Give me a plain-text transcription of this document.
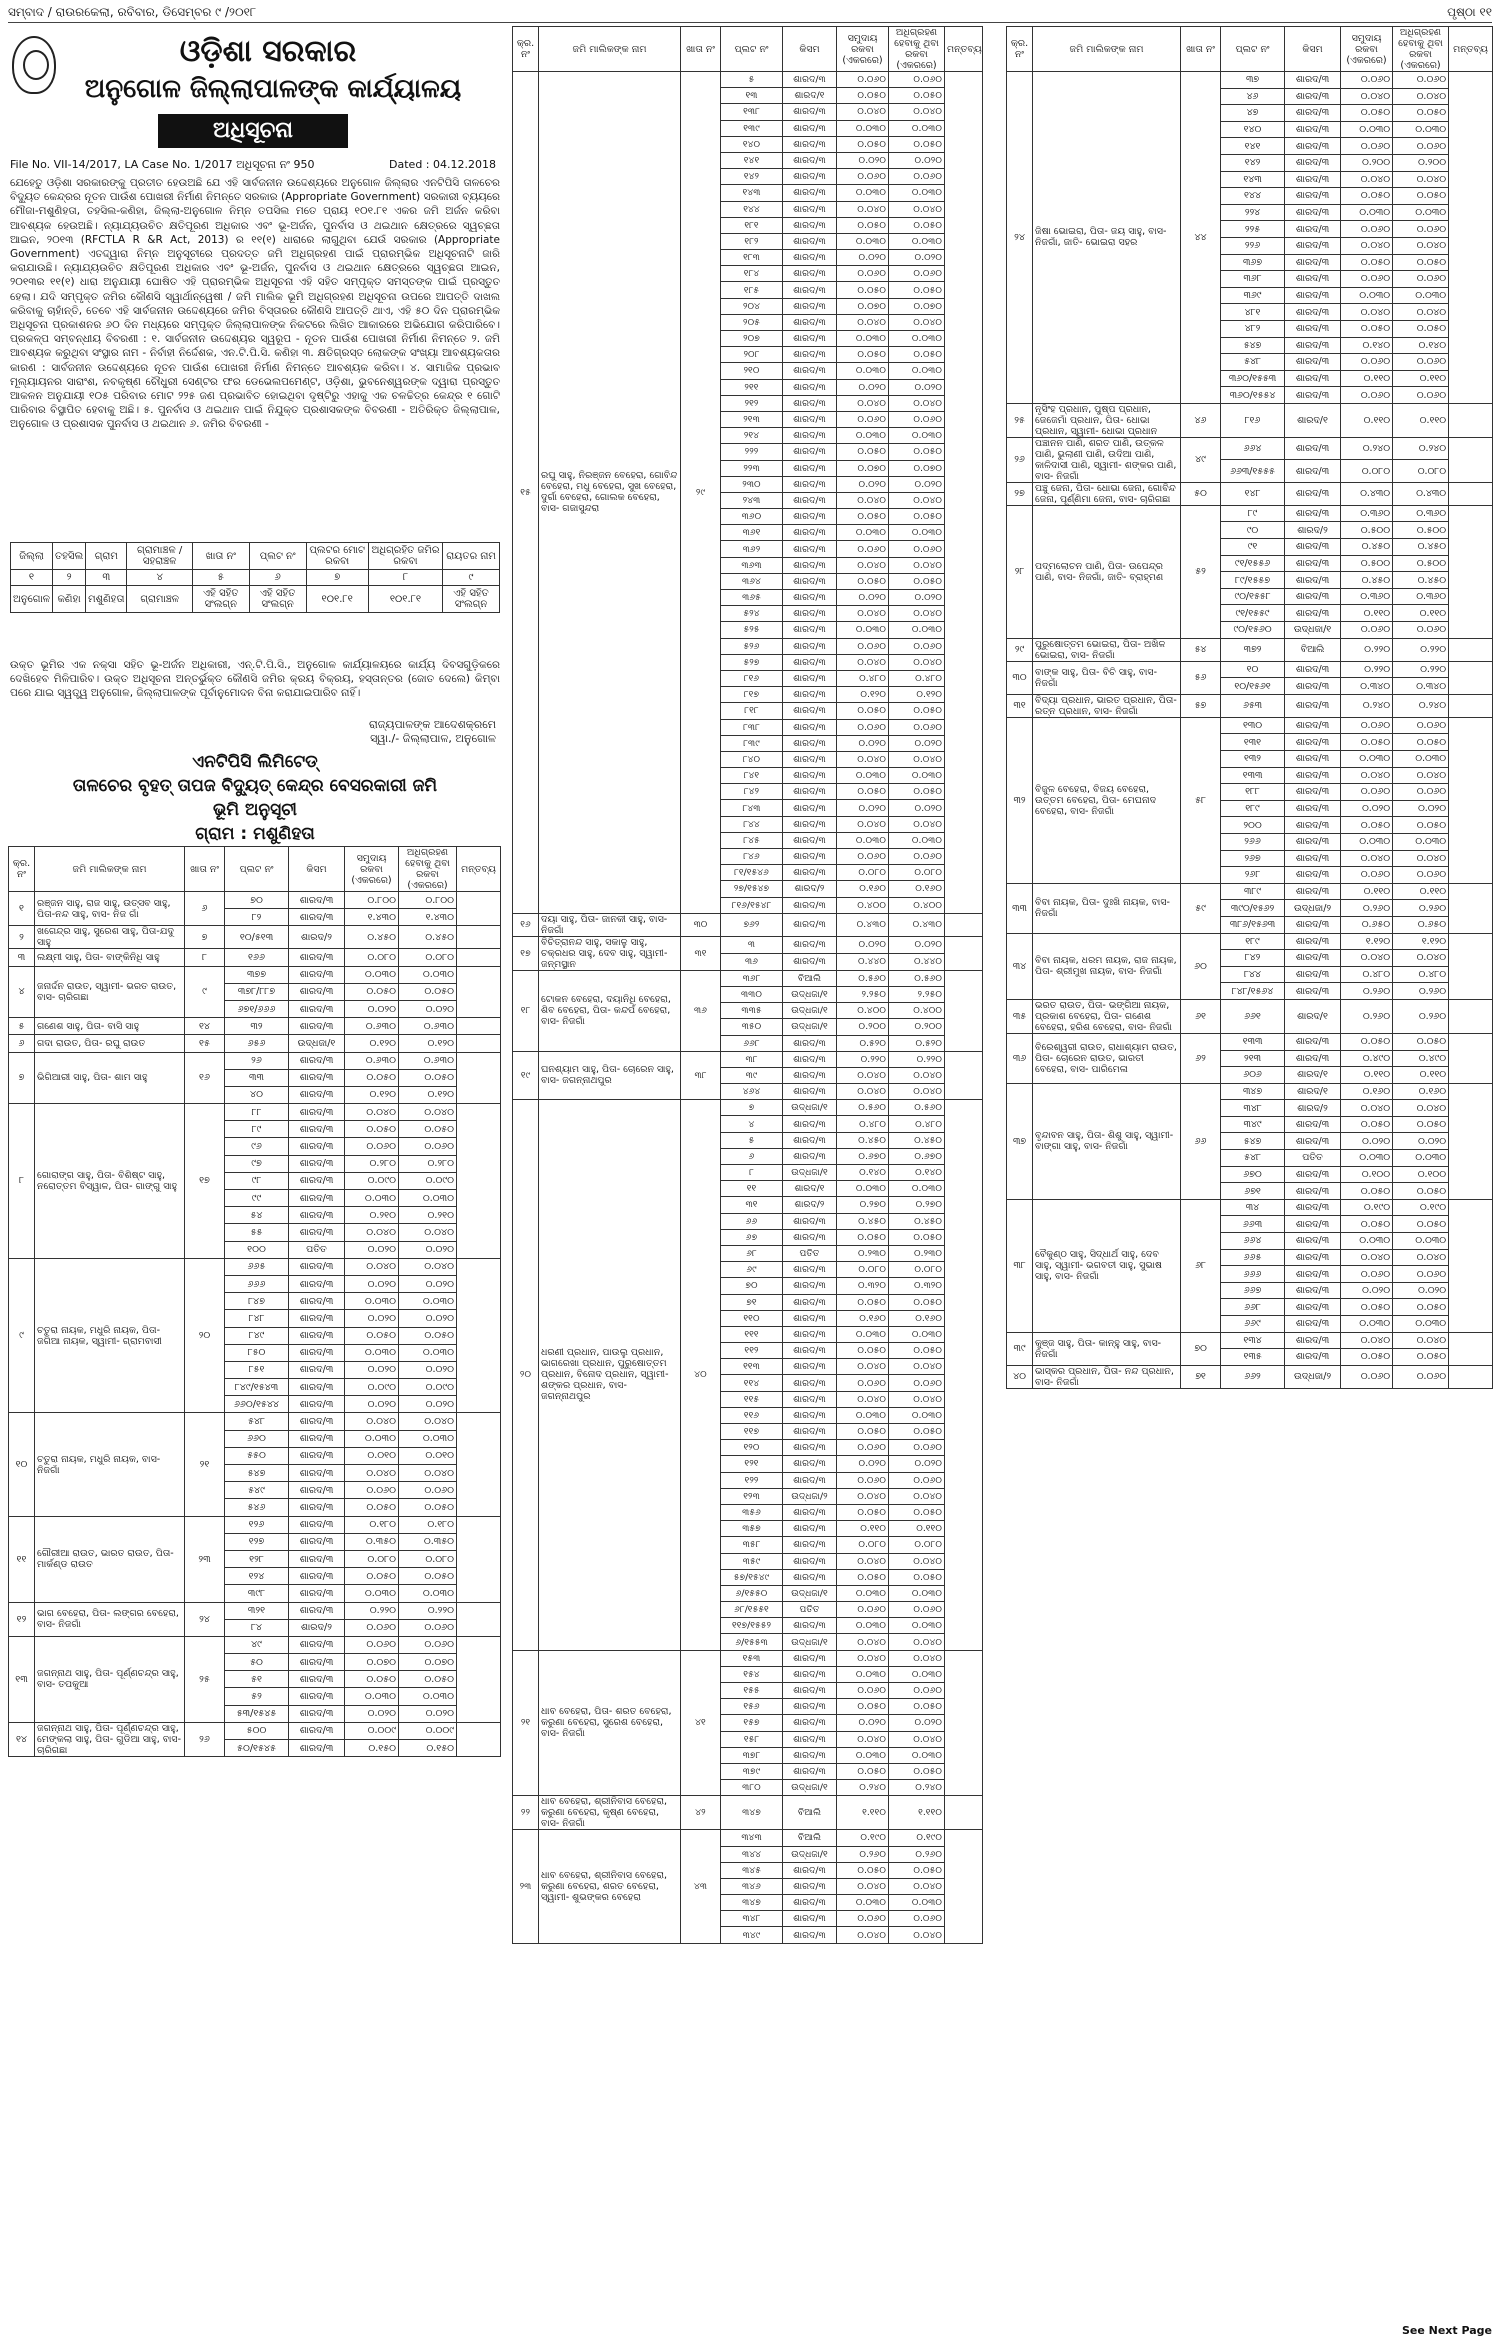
ସମ୍ବାଦ / ରାଉରକେଲା, ରବିବାର, ଡିସେମ୍ବର ୯ /୨୦୧୮	ପୃଷ୍ଠା ୧୧
ଓଡ଼ିଶା ସରକାର
ଅନୁଗୋଳ ଜିଲ୍ଲାପାଳଙ୍କ କାର୍ଯ୍ୟାଳୟ
ଅଧିସୂଚନା
File No. VII-14/2017, LA Case No. 1/2017 ଅଧିସୂଚନା ନଂ 950	Dated : 04.12.2018
ଯେହେତୁ ଓଡ଼ିଶା ସରକାରଙ୍କୁ ପ୍ରତୀତ ହେଉଅଛି ଯେ ଏହି ସାର୍ବଜନୀନ ଉଦ୍ଦେଶ୍ୟରେ ଅନୁଗୋଳ ଜିଲ୍ଲାର ଏନଟିପିସି ତାଳଚେର ବିଦ୍ୟୁତ କେନ୍ଦ୍ରର ନୂତନ ପାଉଁଶ ପୋଖରୀ ନିର୍ମାଣ ନିମନ୍ତେ ସରକାର (Appropriate Government) ସରକାରୀ ବ୍ୟୟରେ ମୌଜା-ମଶୁଣିହତା, ତହସିଲ-କଣିହା, ଜିଲ୍ଲା-ଅନୁଗୋଳ ନିମ୍ନ ତପସିଲ ମତେ ପ୍ରାୟ ୧୦୧.୮୧ ଏକର ଜମି ଅର୍ଜନ କରିବା ଆବଶ୍ୟକ ହେଉଅଛି। ନ୍ୟାଯ୍ୟଉଚିତ କ୍ଷତିପୂରଣ ଅଧିକାର ଏବଂ ଭୂ-ଅର୍ଜନ, ପୁନର୍ବାସ ଓ ଥଇଥାନ କ୍ଷେତ୍ରରେ ସ୍ୱଚ୍ଛତା ଆଇନ, ୨୦୧୩ (RFCTLA R &R Act, 2013) ର ୧୧(୧) ଧାରାରେ ଲାଗୁଥିବା ଯେଉଁ ସରକାର (Appropriate Government) ଏତଦ୍ଦ୍ୱାରା ନିମ୍ନ ଅନୁସୂଚୀରେ ପ୍ରଦତ୍ତ ଜମି ଅଧିଗ୍ରହଣ ପାଇଁ ପ୍ରାରମ୍ଭିକ ଅଧିସୂଚନାଟି ଜାରି କରାଯାଉଛି। ନ୍ୟାଯ୍ୟଉଚିତ କ୍ଷତିପୂରଣ ଅଧିକାର ଏବଂ ଭୂ-ଅର୍ଜନ, ପୁନର୍ବାସ ଓ ଥଇଥାନ କ୍ଷେତ୍ରରେ ସ୍ୱଚ୍ଛତା ଆଇନ, ୨୦୧୩ର ୧୧(୧) ଧାରା ଅନୁଯାୟୀ ଘୋଷିତ ଏହି ପ୍ରାରମ୍ଭିକ ଅଧିସୂଚନା ଏହି ସହିତ ସମ୍ପୃକ୍ତ ସମସ୍ତଙ୍କ ପାଇଁ ପ୍ରସ୍ତୁତ ହେଲା। ଯଦି ସମ୍ପୃକ୍ତ ଜମିର କୌଣସି ସ୍ୱାର୍ଥାନ୍ୱେଷୀ / ଜମି ମାଲିକ ଭୂମି ଅଧିଗ୍ରହଣ ଅଧିସୂଚନା ଉପରେ ଆପତ୍ତି ଦାଖଲ କରିବାକୁ ଚାହାଁନ୍ତି, ତେବେ ଏହି ସାର୍ବଜନୀନ ଉଦ୍ଦେଶ୍ୟରେ ଜମିର ବିସ୍ତାରର କୌଣସି ଆପତ୍ତି ଥାଏ, ଏହି ୫୦ ଦିନ ପ୍ରାରମ୍ଭିକ ଅଧିସୂଚନା ପ୍ରକାଶନର ୬୦ ଦିନ ମଧ୍ୟରେ ସମ୍ପୃକ୍ତ ଜିଲ୍ଲାପାଳଙ୍କ ନିକଟରେ ଲିଖିତ ଆକାରରେ ଅଭିଯୋଗ କରିପାରିବେ। ପ୍ରକଳ୍ପ ସମ୍ବନ୍ଧୀୟ ବିବରଣୀ : ୧. ସାର୍ବଜନୀନ ଉଦ୍ଦେଶ୍ୟର ସ୍ୱରୂପ - ନୂତନ ପାଉଁଶ ପୋଖରୀ ନିର୍ମାଣ ନିମନ୍ତେ ୨. ଜମି ଆବଶ୍ୟକ କରୁଥିବା ସଂସ୍ଥାର ନାମ - ନିର୍ବାହୀ ନିର୍ଦ୍ଦେଶକ, ଏନ.ଟି.ପି.ସି. କଣିହା ୩. କ୍ଷତିଗ୍ରସ୍ତ ଲୋକଙ୍କ ସଂଖ୍ୟା ଆବଶ୍ୟକତାର କାରଣ : ସାର୍ବଜନୀନ ଉଦ୍ଦେଶ୍ୟରେ ନୂତନ ପାଉଁଶ ପୋଖରୀ ନିର୍ମାଣ ନିମନ୍ତେ ଆବଶ୍ୟକ କରିବା। ୪. ସାମାଜିକ ପ୍ରଭାବ ମୂଲ୍ୟାୟନର ସାରାଂଶ, ନବକୃଷ୍ଣ ଚୌଧୁରୀ ସେଣ୍ଟର ଫର ଡେଭେଲପମେଣ୍ଟ, ଓଡ଼ିଶା, ଭୁବନେଶ୍ୱରଙ୍କ ଦ୍ୱାରା ପ୍ରସ୍ତୁତ ଆକଳନ ଅନୁଯାୟୀ ୧୦୫ ପରିବାର ମୋଟ ୨୨୫ ଜଣ ପ୍ରଭାବିତ ହୋଇଥିବା ଦୃଷ୍ଟିରୁ ଏହାକୁ ଏକ ଚଳଚ୍ଚିତ୍ର କେନ୍ଦ୍ର ୧ ଗୋଟି ପାରିବାର ବିସ୍ଥାପିତ ହେବାକୁ ଅଛି। ୫. ପୁନର୍ବାସ ଓ ଥଇଥାନ ପାଇଁ ନିଯୁକ୍ତ ପ୍ରଶାସକଙ୍କ ବିବରଣୀ - ଅତିରିକ୍ତ ଜିଲ୍ଲାପାଳ, ଅନୁଗୋଳ ଓ ପ୍ରଶାସକ ପୁନର୍ବାସ ଓ ଥଇଥାନ ୬. ଜମିର ବିବରଣୀ -
ଜିଲ୍ଲା	ତହସିଲ	ଗ୍ରାମ	ଗ୍ରାମାଞ୍ଚଳ / ସହରାଞ୍ଚଳ	ଖାତା ନଂ	ପ୍ଲଟ ନଂ	ପ୍ଲଟର ମୋଟ ରକବା	ଅଧିଗ୍ରହିତ ଜମିର ରକବା	ରାୟତର ନାମ
୧	୨	୩	୪	୫	୬	୭	୮	୯
ଅନୁଗୋଳ	କଣିହା	ମଶୁଣିହତା	ଗ୍ରାମାଞ୍ଚଳ	ଏହି ସହିତ ସଂଲଗ୍ନ	ଏହି ସହିତ ସଂଲଗ୍ନ	୧୦୧.୮୧	୧୦୧.୮୧	ଏହି ସହିତ ସଂଲଗ୍ନ
ଉକ୍ତ ଭୂମିର ଏକ ନକ୍ସା ସହିତ ଭୂ-ଅର୍ଜନ ଅଧିକାରୀ, ଏନ୍.ଟି.ପି.ସି., ଅନୁଗୋଳ କାର୍ଯ୍ୟାଳୟରେ କାର୍ଯ୍ୟ ଦିବସଗୁଡ଼ିକରେ ଦେଖିହେବ ମିଳିପାରିବ। ଉକ୍ତ ଅଧିସୂଚନା ଅନ୍ତର୍ଭୁକ୍ତ କୌଣସି ଜମିର କ୍ରୟ ବିକ୍ରୟ, ହସ୍ତାନ୍ତର (ଜୋତ ଦେଲେ) କିମ୍ବା ପରେ ଯାଇ ସ୍ୱତ୍ତ୍ୱ ଅନୁଗୋଳ, ଜିଲ୍ଲାପାଳଙ୍କ ପୂର୍ବାନୁମୋଦନ ବିନା କରାଯାଇପାରିବ ନାହିଁ।
ରାଜ୍ୟପାଳଙ୍କ ଆଦେଶକ୍ରମେ
ସ୍ୱା./- ଜିଲ୍ଲାପାଳ, ଅନୁଗୋଳ
ଏନଟିପିସି ଲିମିଟେଡ୍
ତାଳଚେର ବୃହତ୍ ତାପଜ ବିଦ୍ୟୁତ୍ କେନ୍ଦ୍ର ବେସରକାରୀ ଜମି
ଭୂମି ଅନୁସୂଚୀ
ଗ୍ରାମ : ମଶୁଣିହତା
କ୍ର. ନଂ	ଜମି ମାଲିକଙ୍କ ନାମ	ଖାତା ନଂ	ପ୍ଲଟ ନଂ	କିସମ	ସମୁଦାୟ ରକବା (ଏକରରେ)	ଅଧିଗ୍ରହଣ ହେବାକୁ ଥିବା ରକବା (ଏକରରେ)	ମନ୍ତବ୍ୟ
୧	ରଞ୍ଜନ ସାହୁ, ରାଜ ସାହୁ, ଉତ୍ସବ ସାହୁ, ପିତା-ନନ୍ଦ ସାହୁ, ବାସ- ନିଜ ଗାଁ	୬	୭୦	ଶାରଦ/୩	୦.୮୦୦	୦.୮୦୦	
			୮୨	ଶାରଦ/୩	୧.୪୩୦	୧.୪୩୦	
୨	ଖଗେନ୍ଦ୍ର ସାହୁ, ସୁରେଶ ସାହୁ, ପିତା-ଯଦୁ ସାହୁ	୭	୧୦/୫୧୩	ଶାରଦ/୨	୦.୪୫୦	୦.୪୫୦	
୩	ଲକ୍ଷ୍ମୀ ସାହୁ, ପିତା- ବାଙ୍କିନିଧି ସାହୁ	୮	୧୬୬	ଶାରଦ/୩	୦.୦୮୦	୦.୦୮୦	
୪	ଜନାର୍ଦ୍ଦନ ରାଉତ, ସ୍ୱାମୀ- ଭରତ ରାଉତ, ବାସ- ଚାରିଗଛା	୯	୩୭୭	ଶାରଦ/୩	୦.୦୩୦	୦.୦୩୦	
			୩୭୮/୮୮୭	ଶାରଦ/୩	୦.୦୫୦	୦.୦୫୦	
			୬୭୧/୬୬୬	ଶାରଦ/୩	୦.୦୨୦	୦.୦୨୦	
୫	ଗଣେଶ ସାହୁ, ପିତା- ବାସି ସାହୁ	୧୪	୩୨	ଶାରଦ/୩	୦.୬୩୦	୦.୬୩୦	
୬	ଗଦା ରାଉତ, ପିତା- ରଘୁ ରାଉତ	୧୫	୬୫୬	ଉଦ୍ଧଜା/୧	୦.୧୨୦	୦.୧୨୦	
୭	ଭିଗିଆରୀ ସାହୁ, ପିତା- ଶାମ ସାହୁ	୧୬	୨୬	ଶାରଦ/୩	୦.୬୩୦	୦.୬୩୦	
			୩୩	ଶାରଦ/୩	୦.୦୫୦	୦.୦୫୦	
			୪୦	ଶାରଦ/୩	୦.୧୨୦	୦.୧୨୦	
୮	ଗୋରାଙ୍ଗ ସାହୁ, ପିତା- ବିଶିଷ୍ଟ ସାହୁ, ନରୋତ୍ତମ ବିସ୍ୱାଳ, ପିତା- ଗାଙ୍ଗୁ ସାହୁ	୧୭	୮୮	ଶାରଦ/୩	୦.୦୪୦	୦.୦୪୦	
			୮୯	ଶାରଦ/୩	୦.୦୫୦	୦.୦୫୦	
			୯୬	ଶାରଦ/୩	୦.୦୬୦	୦.୦୬୦	
			୯୭	ଶାରଦ/୩	୦.୨୮୦	୦.୨୮୦	
			୯୮	ଶାରଦ/୩	୦.୦୯୦	୦.୦୯୦	
			୯୯	ଶାରଦ/୩	୦.୦୩୦	୦.୦୩୦	
			୫୪	ଶାରଦ/୩	୦.୨୧୦	୦.୨୧୦	
			୫୫	ଶାରଦ/୩	୦.୦୪୦	୦.୦୪୦	
			୧୦୦	ପତିତ	୦.୦୨୦	୦.୦୨୦	
୯	ଚତୁରା ନାୟକ, ମଧୁରି ନାୟକ, ପିତା- ଜଗିଆ ନାୟକ, ସ୍ୱାମୀ- ଗ୍ରାମବାସୀ	୨୦	୬୬୫	ଶାରଦ/୩	୦.୦୪୦	୦.୦୪୦	
			୬୬୬	ଶାରଦ/୩	୦.୦୨୦	୦.୦୨୦	
			୮୪୭	ଶାରଦ/୩	୦.୦୩୦	୦.୦୩୦	
			୮୪୮	ଶାରଦ/୩	୦.୦୨୦	୦.୦୨୦	
			୮୪୯	ଶାରଦ/୩	୦.୦୫୦	୦.୦୫୦	
			୮୫୦	ଶାରଦ/୩	୦.୦୩୦	୦.୦୩୦	
			୮୫୧	ଶାରଦ/୩	୦.୦୨୦	୦.୦୨୦	
			୮୪୯/୧୫୪୩	ଶାରଦ/୩	୦.୦୯୦	୦.୦୯୦	
			୬୬୦/୧୫୪୪	ଶାରଦ/୩	୦.୦୨୦	୦.୦୨୦	
୧୦	ଚତୁରା ନାୟକ, ମଧୁରି ନାୟକ, ବାସ- ନିଜଗାଁ	୨୧	୫୪୮	ଶାରଦ/୩	୦.୦୪୦	୦.୦୪୦	
			୬୬୦	ଶାରଦ/୩	୦.୦୩୦	୦.୦୩୦	
			୫୫୦	ଶାରଦ/୩	୦.୦୧୦	୦.୦୧୦	
			୫୪୭	ଶାରଦ/୩	୦.୦୪୦	୦.୦୪୦	
			୫୪୯	ଶାରଦ/୩	୦.୦୬୦	୦.୦୬୦	
			୫୪୬	ଶାରଦ/୩	୦.୦୫୦	୦.୦୫୦	
୧୧	ଗୌରୀଆ ରାଉତ, ଭାରତ ରାଉତ, ପିତା- ମାର୍କଣ୍ଡ ରାଉତ	୨୩	୧୨୬	ଶାରଦ/୩	୦.୧୮୦	୦.୧୮୦	
			୧୨୭	ଶାରଦ/୩	୦.୩୫୦	୦.୩୫୦	
			୧୨୮	ଶାରଦ/୩	୦.୦୮୦	୦.୦୮୦	
			୧୨୪	ଶାରଦ/୩	୦.୦୫୦	୦.୦୫୦	
			୩୯୮	ଶାରଦ/୩	୦.୦୩୦	୦.୦୩୦	
୧୨	ଭାଗ ବେହେରା, ପିତା- ଲଙ୍ଗର ବେହେରା, ବାସ- ନିଜଗାଁ	୨୪	୩୨୧	ଶାରଦ/୩	୦.୨୨୦	୦.୨୨୦	
			୮୪	ଶାରଦ/୨	୦.୦୬୦	୦.୦୬୦	
୧୩	ଜଗନ୍ନାଥ ସାହୁ, ପିତା- ପୂର୍ଣ୍ଣଚନ୍ଦ୍ର ସାହୁ, ବାସ- ତପକୁଆ	୨୫	୪୯	ଶାରଦ/୩	୦.୦୬୦	୦.୦୬୦	
			୫୦	ଶାରଦ/୩	୦.୦୭୦	୦.୦୭୦	
			୫୧	ଶାରଦ/୩	୦.୦୫୦	୦.୦୫୦	
			୫୨	ଶାରଦ/୩	୦.୦୩୦	୦.୦୩୦	
			୫୩/୧୫୪୫	ଶାରଦ/୩	୦.୦୨୦	୦.୦୨୦	
୧୪	ଜଗନ୍ନାଥ ସାହୁ, ପିତା- ପୂର୍ଣ୍ଣଚନ୍ଦ୍ର ସାହୁ, ମେଙ୍କଲା ସାହୁ, ପିତା- ଗୁଡିଆ ସାହୁ, ବାସ- ଚାରିଗଛା	୨୬	୫୦୦	ଶାରଦ/୩	୦.୦୦୯	୦.୦୦୯	
			୫୦/୧୫୪୫	ଶାରଦ/୩	୦.୧୫୦	୦.୧୫୦	
କ୍ର. ନଂ	ଜମି ମାଲିକଙ୍କ ନାମ	ଖାତା ନଂ	ପ୍ଲଟ ନଂ	କିସମ	ସମୁଦାୟ ରକବା (ଏକରରେ)	ଅଧିଗ୍ରହଣ ହେବାକୁ ଥିବା ରକବା (ଏକରରେ)	ମନ୍ତବ୍ୟ
୧୫	ରଘୁ ସାହୁ, ନିରଞ୍ଜନ ବେହେରା, ଗୋବିନ୍ଦ ବେହେରା, ମଧୁ ବେହେରା, ସୁଖ ବେହେରା, ଦୁର୍ଗା ବେହେରା, ଗୋଲକ ବେହେରା, ବାସ- ଗଜାସୁନ୍ଦରା	୨୯	୫	ଶାରଦ/୩	୦.୦୬୦	୦.୦୬୦	
			୧୩	ଶାରଦ/୧	୦.୦୫୦	୦.୦୫୦	
			୧୩୮	ଶାରଦ/୩	୦.୦୪୦	୦.୦୪୦	
			୧୩୯	ଶାରଦ/୩	୦.୦୩୦	୦.୦୩୦	
			୧୪୦	ଶାରଦ/୩	୦.୦୫୦	୦.୦୫୦	
			୧୪୧	ଶାରଦ/୩	୦.୦୨୦	୦.୦୨୦	
			୧୪୨	ଶାରଦ/୩	୦.୦୬୦	୦.୦୬୦	
			୧୪୩	ଶାରଦ/୩	୦.୦୩୦	୦.୦୩୦	
			୧୪୪	ଶାରଦ/୩	୦.୦୪୦	୦.୦୪୦	
			୧୮୧	ଶାରଦ/୩	୦.୦୫୦	୦.୦୫୦	
			୧୮୨	ଶାରଦ/୩	୦.୦୩୦	୦.୦୩୦	
			୧୮୩	ଶାରଦ/୩	୦.୦୨୦	୦.୦୨୦	
			୧୮୪	ଶାରଦ/୩	୦.୦୬୦	୦.୦୬୦	
			୧୮୫	ଶାରଦ/୩	୦.୦୫୦	୦.୦୫୦	
			୨୦୪	ଶାରଦ/୩	୦.୦୭୦	୦.୦୭୦	
			୨୦୫	ଶାରଦ/୩	୦.୦୪୦	୦.୦୪୦	
			୨୦୭	ଶାରଦ/୩	୦.୦୩୦	୦.୦୩୦	
			୨୦୮	ଶାରଦ/୩	୦.୦୫୦	୦.୦୫୦	
			୨୧୦	ଶାରଦ/୩	୦.୦୩୦	୦.୦୩୦	
			୨୧୧	ଶାରଦ/୩	୦.୦୨୦	୦.୦୨୦	
			୨୧୨	ଶାରଦ/୩	୦.୦୪୦	୦.୦୪୦	
			୨୧୩	ଶାରଦ/୩	୦.୦୬୦	୦.୦୬୦	
			୨୧୪	ଶାରଦ/୩	୦.୦୩୦	୦.୦୩୦	
			୨୨୨	ଶାରଦ/୩	୦.୦୫୦	୦.୦୫୦	
			୨୨୩	ଶାରଦ/୩	୦.୦୭୦	୦.୦୭୦	
			୨୩୦	ଶାରଦ/୩	୦.୦୨୦	୦.୦୨୦	
			୨୪୩	ଶାରଦ/୩	୦.୦୪୦	୦.୦୪୦	
			୩୬୦	ଶାରଦ/୩	୦.୦୫୦	୦.୦୫୦	
			୩୬୧	ଶାରଦ/୩	୦.୦୩୦	୦.୦୩୦	
			୩୬୨	ଶାରଦ/୩	୦.୦୬୦	୦.୦୬୦	
			୩୬୩	ଶାରଦ/୩	୦.୦୪୦	୦.୦୪୦	
			୩୬୪	ଶାରଦ/୩	୦.୦୫୦	୦.୦୫୦	
			୩୬୫	ଶାରଦ/୩	୦.୦୨୦	୦.୦୨୦	
			୫୨୪	ଶାରଦ/୩	୦.୦୪୦	୦.୦୪୦	
			୫୨୫	ଶାରଦ/୩	୦.୦୩୦	୦.୦୩୦	
			୫୨୬	ଶାରଦ/୩	୦.୦୬୦	୦.୦୬୦	
			୫୨୭	ଶାରଦ/୩	୦.୦୪୦	୦.୦୪୦	
			୮୧୬	ଶାରଦ/୩	୦.୪୮୦	୦.୪୮୦	
			୮୧୭	ଶାରଦ/୩	୦.୧୨୦	୦.୧୨୦	
			୮୧୮	ଶାରଦ/୩	୦.୦୫୦	୦.୦୫୦	
			୮୩୮	ଶାରଦ/୩	୦.୦୬୦	୦.୦୬୦	
			୮୩୯	ଶାରଦ/୩	୦.୦୨୦	୦.୦୨୦	
			୮୪୦	ଶାରଦ/୩	୦.୦୪୦	୦.୦୪୦	
			୮୪୧	ଶାରଦ/୩	୦.୦୩୦	୦.୦୩୦	
			୮୪୨	ଶାରଦ/୩	୦.୦୫୦	୦.୦୫୦	
			୮୪୩	ଶାରଦ/୩	୦.୦୨୦	୦.୦୨୦	
			୮୪୪	ଶାରଦ/୩	୦.୦୪୦	୦.୦୪୦	
			୮୪୫	ଶାରଦ/୩	୦.୦୩୦	୦.୦୩୦	
			୮୪୬	ଶାରଦ/୩	୦.୦୬୦	୦.୦୬୦	
			୮୧/୧୫୪୬	ଶାରଦ/୩	୦.୦୮୦	୦.୦୮୦	
			୨୭/୧୫୪୭	ଶାରଦ/୨	୦.୧୬୦	୦.୧୬୦	
			୮୧୬/୧୫୪୮	ଶାରଦ/୩	୦.୪୦୦	୦.୪୦୦	
୧୬	ଦୟା ସାହୁ, ପିତା- ଜାନକୀ ସାହୁ, ବାସ- ନିଜଗାଁ	୩୦	୭୬୨	ଶାରଦ/୩	୦.୪୩୦	୦.୪୩୦	
୧୭	ବିଚିତ୍ରାନନ୍ଦ ସାହୁ, ସକାଳୁ ସାହୁ, ଚକ୍ରଧର ସାହୁ, ଦେବ ସାହୁ, ସ୍ୱାମୀ- ଜନ୍ମସ୍ଥାନ	୩୧	୩	ଶାରଦ/୩	୦.୦୨୦	୦.୦୨୦	
			୩୬	ଶାରଦ/୩	୦.୪୪୦	୦.୪୪୦	
୧୮	ଟୋକନ ବେହେରା, ଦୟାନିଧି ବେହେରା, ଶିବ ବେହେରା, ପିତା- କନ୍ଦର୍ପ ବେହେରା, ବାସ- ନିଜଗାଁ	୩୬	୩୬୮	ବିଆଲି	୦.୫୬୦	୦.୫୬୦	
			୩୩୦	ଉଦ୍ଧଜା/୧	୨.୨୫୦	୨.୨୫୦	
			୩୩୫	ଉଦ୍ଧଜା/୧	୦.୪୦୦	୦.୪୦୦	
			୩୫୦	ଉଦ୍ଧଜା/୧	୦.୨୦୦	୦.୨୦୦	
			୬୬୮	ଶାରଦ/୩	୦.୫୨୦	୦.୫୨୦	
୧୯	ଘନଶ୍ୟାମ ସାହୁ, ପିତା- ଚୋରେନ ସାହୁ, ବାସ- ଜଗନ୍ନାଥପୁର	୩୮	୩୮	ଶାରଦ/୩	୦.୨୨୦	୦.୨୨୦	
			୩୯	ଶାରଦ/୩	୦.୦୪୦	୦.୦୪୦	
			୪୬୪	ଶାରଦ/୩	୦.୦୪୦	୦.୦୪୦	
୨୦	ଧରଣୀ ପ୍ରଧାନ, ପାଉଲୁ ପ୍ରଧାନ, ଭାଗରେଖା ପ୍ରଧାନ, ପୁରୁଷୋତ୍ତମ ପ୍ରଧାନ, ବିନୋଦ ପ୍ରଧାନ, ସ୍ୱାମୀ- ଶଙ୍କର ପ୍ରଧାନ, ବାସ- ଜଗନ୍ନାଥପୁର	୪୦	୭	ଉଦ୍ଧଜା/୧	୦.୫୬୦	୦.୫୬୦	
			୪	ଶାରଦ/୩	୦.୪୮୦	୦.୪୮୦	
			୫	ଶାରଦ/୩	୦.୪୫୦	୦.୪୫୦	
			୬	ଶାରଦ/୩	୦.୬୭୦	୦.୬୭୦	
			୮	ଉଦ୍ଧଜା/୧	୦.୧୪୦	୦.୧୪୦	
			୧୧	ଶାରଦ/୧	୦.୦୩୦	୦.୦୩୦	
			୩୧	ଶାରଦ/୨	୦.୨୭୦	୦.୨୭୦	
			୬୬	ଶାରଦ/୩	୦.୪୫୦	୦.୪୫୦	
			୬୭	ଶାରଦ/୩	୦.୦୫୦	୦.୦୫୦	
			୬୮	ପତିତ	୦.୨୩୦	୦.୨୩୦	
			୬୯	ଶାରଦ/୩	୦.୦୮୦	୦.୦୮୦	
			୭୦	ଶାରଦ/୩	୦.୩୨୦	୦.୩୨୦	
			୭୧	ଶାରଦ/୩	୦.୦୫୦	୦.୦୫୦	
			୧୧୦	ଶାରଦ/୩	୦.୧୬୦	୦.୧୬୦	
			୧୧୧	ଶାରଦ/୩	୦.୦୩୦	୦.୦୩୦	
			୧୧୨	ଶାରଦ/୩	୦.୦୫୦	୦.୦୫୦	
			୧୧୩	ଶାରଦ/୩	୦.୦୪୦	୦.୦୪୦	
			୧୧୪	ଶାରଦ/୩	୦.୦୬୦	୦.୦୬୦	
			୧୧୫	ଶାରଦ/୩	୦.୦୪୦	୦.୦୪୦	
			୧୧୬	ଶାରଦ/୩	୦.୦୩୦	୦.୦୩୦	
			୧୧୭	ଶାରଦ/୩	୦.୦୫୦	୦.୦୫୦	
			୧୨୦	ଶାରଦ/୩	୦.୦୬୦	୦.୦୬୦	
			୧୨୧	ଶାରଦ/୩	୦.୦୨୦	୦.୦୨୦	
			୧୨୨	ଶାରଦ/୩	୦.୦୬୦	୦.୦୬୦	
			୧୨୩	ଉଦ୍ଧଜା/୨	୦.୦୪୦	୦.୦୪୦	
			୩୫୬	ଶାରଦ/୩	୦.୦୫୦	୦.୦୫୦	
			୩୫୭	ଶାରଦ/୩	୦.୧୧୦	୦.୧୧୦	
			୩୫୮	ଶାରଦ/୩	୦.୦୮୦	୦.୦୮୦	
			୩୫୯	ଶାରଦ/୩	୦.୦୪୦	୦.୦୪୦	
			୫୭/୧୫୪୯	ଶାରଦ/୩	୦.୦୫୦	୦.୦୫୦	
			୬/୧୫୫୦	ଉଦ୍ଧଜା/୧	୦.୦୩୦	୦.୦୩୦	
			୬୮/୧୫୫୧	ପତିତ	୦.୦୬୦	୦.୦୬୦	
			୧୧୭/୧୫୫୨	ଶାରଦ/୩	୦.୦୩୦	୦.୦୩୦	
			୬/୧୫୫୩	ଉଦ୍ଧଜା/୧	୦.୦୪୦	୦.୦୪୦	
୨୧	ଧାବ ବେହେରା, ପିତା- ଶରତ ବେହେରା, କରୁଣା ବେହେରା, ସୁରେଶ ବେହେରା, ବାସ- ନିଜଗାଁ	୪୧	୧୫୩	ଶାରଦ/୩	୦.୦୪୦	୦.୦୪୦	
			୧୫୪	ଶାରଦ/୩	୦.୦୩୦	୦.୦୩୦	
			୧୫୫	ଶାରଦ/୩	୦.୦୬୦	୦.୦୬୦	
			୧୫୬	ଶାରଦ/୩	୦.୦୫୦	୦.୦୫୦	
			୧୫୭	ଶାରଦ/୩	୦.୦୨୦	୦.୦୨୦	
			୧୫୮	ଶାରଦ/୩	୦.୦୪୦	୦.୦୪୦	
			୩୭୮	ଶାରଦ/୩	୦.୦୩୦	୦.୦୩୦	
			୩୭୯	ଶାରଦ/୩	୦.୦୫୦	୦.୦୫୦	
			୩୮୦	ଉଦ୍ଧଜା/୧	୦.୨୪୦	୦.୨୪୦	
୨୨	ଧାବ ବେହେରା, ଶ୍ରୀନିବାସ ବେହେରା, କରୁଣା ବେହେରା, କୃଷ୍ଣ ବେହେରା, ବାସ- ନିଜଗାଁ	୪୨	୩୪୭	ବିଆଲି	୧.୧୧୦	୧.୧୧୦	
୨୩	ଧାବ ବେହେରା, ଶ୍ରୀନିବାସ ବେହେରା, କରୁଣା ବେହେରା, ଶରତ ବେହେରା, ସ୍ୱାମୀ- ଶୁଭଙ୍କର ବେହେରା	୪୩	୩୪୩	ବିଆଲି	୦.୧୯୦	୦.୧୯୦	
			୩୪୪	ଉଦ୍ଧଜା/୧	୦.୨୬୦	୦.୨୬୦	
			୩୪୫	ଶାରଦ/୩	୦.୦୫୦	୦.୦୫୦	
			୩୪୬	ଶାରଦ/୩	୦.୦୪୦	୦.୦୪୦	
			୩୪୭	ଶାରଦ/୩	୦.୦୩୦	୦.୦୩୦	
			୩୪୮	ଶାରଦ/୩	୦.୦୬୦	୦.୦୬୦	
			୩୪୯	ଶାରଦ/୩	୦.୦୪୦	୦.୦୪୦	
କ୍ର. ନଂ	ଜମି ମାଲିକଙ୍କ ନାମ	ଖାତା ନଂ	ପ୍ଲଟ ନଂ	କିସମ	ସମୁଦାୟ ରକବା (ଏକରରେ)	ଅଧିଗ୍ରହଣ ହେବାକୁ ଥିବା ରକବା (ଏକରରେ)	ମନ୍ତବ୍ୟ
୨୪	ଜିଷା ଭୋଇରା, ପିତା- ଜୟ ସାହୁ, ବାସ- ନିଜଗାଁ, ଜାତି- ଭୋଇରା ସହର	୪୪	୩୭	ଶାରଦ/୩	୦.୦୬୦	୦.୦୬୦	
			୪୬	ଶାରଦ/୩	୦.୦୪୦	୦.୦୪୦	
			୪୭	ଶାରଦ/୩	୦.୦୫୦	୦.୦୫୦	
			୧୪୦	ଶାରଦ/୩	୦.୦୩୦	୦.୦୩୦	
			୧୪୧	ଶାରଦ/୩	୦.୦୬୦	୦.୦୬୦	
			୧୪୨	ଶାରଦ/୩	୦.୨୦୦	୦.୨୦୦	
			୧୪୩	ଶାରଦ/୩	୦.୦୪୦	୦.୦୪୦	
			୧୪୪	ଶାରଦ/୩	୦.୦୫୦	୦.୦୫୦	
			୨୨୪	ଶାରଦ/୩	୦.୦୩୦	୦.୦୩୦	
			୨୨୫	ଶାରଦ/୩	୦.୦୬୦	୦.୦୬୦	
			୨୨୬	ଶାରଦ/୩	୦.୦୪୦	୦.୦୪୦	
			୩୬୭	ଶାରଦ/୩	୦.୦୫୦	୦.୦୫୦	
			୩୬୮	ଶାରଦ/୩	୦.୦୬୦	୦.୦୬୦	
			୩୬୯	ଶାରଦ/୩	୦.୦୩୦	୦.୦୩୦	
			୪୮୧	ଶାରଦ/୩	୦.୦୪୦	୦.୦୪୦	
			୪୮୨	ଶାରଦ/୩	୦.୦୫୦	୦.୦୫୦	
			୫୪୭	ଶାରଦ/୩	୦.୧୪୦	୦.୧୪୦	
			୫୪୮	ଶାରଦ/୩	୦.୦୬୦	୦.୦୬୦	
			୩୬୦/୧୫୫୩	ଶାରଦ/୩	୦.୧୧୦	୦.୧୧୦	
			୩୬୦/୧୫୫୪	ଶାରଦ/୩	୦.୦୬୦	୦.୦୬୦	
୨୫	ନୃସିଂହ ପ୍ରଧାନ, ପୁଷ୍ପ ପ୍ରଧାନ, ଜେଜେମାଁ ପ୍ରଧାନ, ପିତା- ଧୋଭା ପ୍ରଧାନ, ସ୍ୱାମୀ- ଧୋଭା ପ୍ରଧାନ	୪୬	୮୧୬	ଶାରଦ/୧	୦.୧୧୦	୦.୧୧୦	
୨୬	ପଞ୍ଚାନନ ପାଣି, ଶରତ ପାଣି, ଉତ୍କଳ ପାଣି, ଭୁଲାଣୀ ପାଣି, ଉଦିଆ ପାଣି, କାଳିଦାସୀ ପାଣି, ସ୍ୱାମୀ- ଶଙ୍କର ପାଣି, ବାସ- ନିଜଗାଁ	୪୯	୬୬୪	ଶାରଦ/୩	୦.୨୪୦	୦.୨୪୦	
			୬୬୩/୧୫୫୫	ଶାରଦ/୩	୦.୦୮୦	୦.୦୮୦	
୨୭	ପଞ୍ଚୁ ଜେନା, ପିତା- ଧୋଭା ଜେନା, ଗୋବିନ୍ଦ ଜେନା, ପୂର୍ଣ୍ଣିମା ଜେନା, ବାସ- ଚାରିଗଛା	୫୦	୧୪୮	ଶାରଦ/୩	୦.୪୩୦	୦.୪୩୦	
୨୮	ପଦ୍ମଲୋଚନ ପାଣି, ପିତା- ଉପେନ୍ଦ୍ର ପାଣି, ବାସ- ନିଜଗାଁ, ଜାତି- ବ୍ରାହ୍ମଣ	୫୨	୮୯	ଶାରଦ/୩	୦.୩୬୦	୦.୩୬୦	
			୯୦	ଶାରଦ/୨	୦.୫୦୦	୦.୫୦୦	
			୯୧	ଶାରଦ/୩	୦.୪୫୦	୦.୪୫୦	
			୯୧/୧୫୫୬	ଶାରଦ/୩	୦.୫୦୦	୦.୫୦୦	
			୮୯/୧୫୫୭	ଶାରଦ/୩	୦.୪୫୦	୦.୪୫୦	
			୯୦/୧୫୫୮	ଶାରଦ/୩	୦.୩୬୦	୦.୩୬୦	
			୯୧/୧୫୫୯	ଶାରଦ/୩	୦.୧୧୦	୦.୧୧୦	
			୯୦/୧୫୬୦	ଉଦ୍ଧଜା/୧	୦.୦୬୦	୦.୦୬୦	
୨୯	ପୁରୁଷୋତ୍ତମ ଭୋଇରା, ପିତା- ଅଖିଳ ଭୋଇରା, ବାସ- ନିଜଗାଁ	୫୪	୩୭୨	ବିଆଲି	୦.୨୨୦	୦.୨୨୦	
୩୦	ବାଙ୍କ ସାହୁ, ପିତା- ବିଚି ସାହୁ, ବାସ- ନିଜଗାଁ	୫୬	୧୦	ଶାରଦ/୩	୦.୨୨୦	୦.୨୨୦	
			୧୦/୧୫୬୧	ଶାରଦ/୩	୦.୩୪୦	୦.୩୪୦	
୩୧	ବିଦ୍ୟା ପ୍ରଧାନ, ଭାରତ ପ୍ରଧାନ, ପିତା- ରତ୍ନ ପ୍ରଧାନ, ବାସ- ନିଜଗାଁ	୫୭	୬୫୩	ଶାରଦ/୩	୦.୨୪୦	୦.୨୪୦	
୩୨	ବିଜୁଳ ବେହେରା, ବିଜୟ ବେହେରା, ଉତ୍ତମ ବେହେରା, ପିତା- ମେଘନାଦ ବେହେରା, ବାସ- ନିଜଗାଁ	୫୮	୧୩୦	ଶାରଦ/୩	୦.୦୬୦	୦.୦୬୦	
			୧୩୧	ଶାରଦ/୩	୦.୦୫୦	୦.୦୫୦	
			୧୩୨	ଶାରଦ/୩	୦.୦୩୦	୦.୦୩୦	
			୧୩୩	ଶାରଦ/୩	୦.୦୪୦	୦.୦୪୦	
			୧୮୮	ଶାରଦ/୩	୦.୦୬୦	୦.୦୬୦	
			୧୮୯	ଶାରଦ/୩	୦.୦୨୦	୦.୦୨୦	
			୨୦୦	ଶାରଦ/୩	୦.୦୫୦	୦.୦୫୦	
			୨୬୬	ଶାରଦ/୩	୦.୦୩୦	୦.୦୩୦	
			୨୬୭	ଶାରଦ/୩	୦.୦୪୦	୦.୦୪୦	
			୨୬୮	ଶାରଦ/୩	୦.୦୬୦	୦.୦୬୦	
୩୩	ବିବା ନାୟକ, ପିତା- ଦୁଃଖି ନାୟକ, ବାସ- ନିଜଗାଁ	୫୯	୩୮୯	ଶାରଦ/୩	୦.୧୧୦	୦.୧୧୦	
			୩୯୦/୧୫୬୨	ଉଦ୍ଧଜା/୨	୦.୨୬୦	୦.୨୬୦	
			୩୮୬/୧୫୬୩	ଶାରଦ/୩	୦.୬୫୦	୦.୬୫୦	
୩୪	ବିବା ନାୟକ, ଧରମ ନାୟକ, ରାଜ ନାୟକ, ପିତା- ଶ୍ରୀମୁଖ ନାୟକ, ବାସ- ନିଜଗାଁ	୬୦	୧୮୯	ଶାରଦ/୩	୧.୧୨୦	୧.୧୨୦	
			୮୪୨	ଶାରଦ/୩	୦.୦୪୦	୦.୦୪୦	
			୮୪୪	ଶାରଦ/୩	୦.୪୮୦	୦.୪୮୦	
			୮୪୮/୧୫୬୪	ଶାରଦ/୩	୦.୨୬୦	୦.୨୬୦	
୩୫	ଭରତ ରାଉତ, ପିତା- ଭଙ୍ଗିଆ ନାୟକ, ପ୍ରକାଶ ବେହେରା, ପିତା- ଗଣେଶ ବେହେରା, ହରିଶ ବେହେରା, ବାସ- ନିଜଗାଁ	୬୧	୬୬୧	ଶାରଦ/୧	୦.୨୬୦	୦.୨୬୦	
୩୬	ବିରେଶ୍ୱରୀ ରାଉତ, ରାଧାଶ୍ୟାମ ରାଉତ, ପିତା- ଚୋରେନ ରାଉତ, ଭାରତୀ ବେହେରା, ବାସ- ପାରିମେଳା	୬୨	୧୩୩	ଶାରଦ/୩	୦.୦୫୦	୦.୦୫୦	
			୨୧୩	ଶାରଦ/୩	୦.୪୯୦	୦.୪୯୦	
			୬୦୬	ଶାରଦ/୧	୦.୧୧୦	୦.୧୧୦	
୩୭	ବୃନ୍ଦାବନ ସାହୁ, ପିତା- ଶିଶୁ ସାହୁ, ସ୍ୱାମୀ- ବାଙ୍ଗା ସାହୁ, ବାସ- ନିଜଗାଁ	୬୬	୩୪୭	ଶାରଦ/୧	୦.୧୬୦	୦.୧୬୦	
			୩୪୮	ଶାରଦ/୨	୦.୦୪୦	୦.୦୪୦	
			୩୪୯	ଶାରଦ/୩	୦.୦୫୦	୦.୦୫୦	
			୫୪୭	ଶାରଦ/୩	୦.୦୨୦	୦.୦୨୦	
			୫୪୮	ପତିତ	୦.୦୩୦	୦.୦୩୦	
			୬୭୦	ଶାରଦ/୩	୦.୧୦୦	୦.୧୦୦	
			୬୭୧	ଶାରଦ/୩	୦.୦୫୦	୦.୦୫୦	
୩୮	ବୈକୁଣ୍ଠ ସାହୁ, ସିଦ୍ଧାର୍ଥ ସାହୁ, ଦେବ ସାହୁ, ସ୍ୱାମୀ- ଭଗବତୀ ସାହୁ, ସୁଭାଷ ସାହୁ, ବାସ- ନିଜଗାଁ	୬୮	୩୪	ଶାରଦ/୩	୦.୧୯୦	୦.୧୯୦	
			୬୬୩	ଶାରଦ/୩	୦.୦୫୦	୦.୦୫୦	
			୬୬୪	ଶାରଦ/୩	୦.୦୩୦	୦.୦୩୦	
			୬୬୫	ଶାରଦ/୩	୦.୦୪୦	୦.୦୪୦	
			୬୬୬	ଶାରଦ/୩	୦.୦୬୦	୦.୦୬୦	
			୬୬୭	ଶାରଦ/୩	୦.୦୨୦	୦.୦୨୦	
			୬୬୮	ଶାରଦ/୩	୦.୦୫୦	୦.୦୫୦	
			୬୬୯	ଶାରଦ/୩	୦.୦୩୦	୦.୦୩୦	
୩୯	କୁଞ୍ଜ ସାହୁ, ପିତା- କାନ୍ହୁ ସାହୁ, ବାସ- ନିଜଗାଁ	୭୦	୧୩୪	ଶାରଦ/୩	୦.୦୪୦	୦.୦୪୦	
			୧୩୫	ଶାରଦ/୩	୦.୦୫୦	୦.୦୫୦	
୪୦	ଭାସ୍କର ପ୍ରଧାନ, ପିତା- ନନ୍ଦ ପ୍ରଧାନ, ବାସ- ନିଜଗାଁ	୭୧	୬୬୨	ଉଦ୍ଧଜା/୨	୦.୦୬୦	୦.୦୬୦	
See Next Page
